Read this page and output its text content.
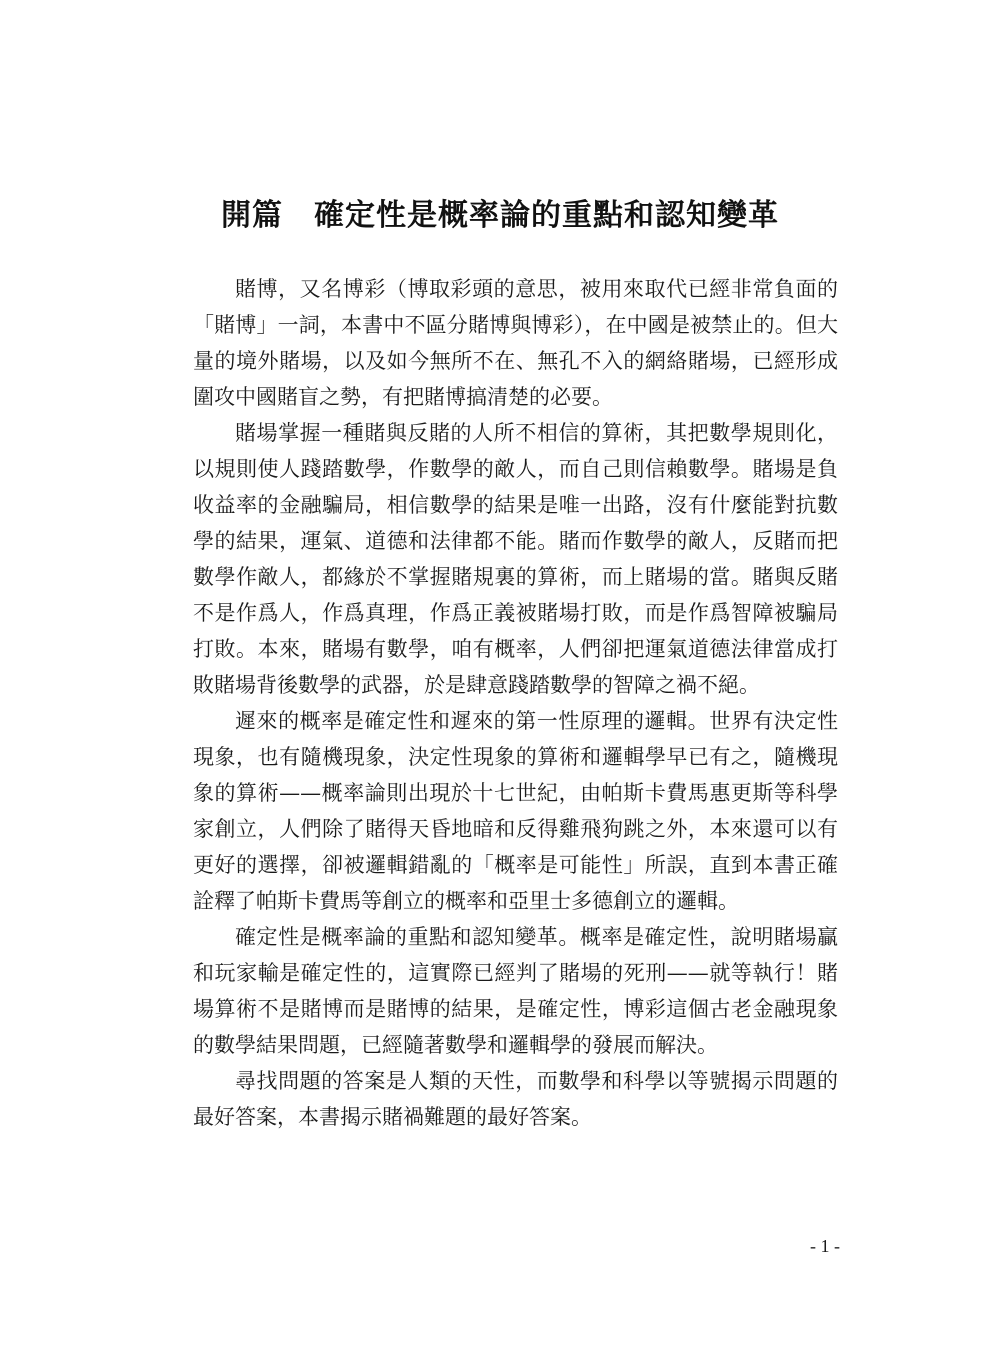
開篇　確定性是概率論的重點和認知變革
賭博，又名博彩（博取彩頭的意思，被用來取代已經非常負面的
「賭博」一詞，本書中不區分賭博與博彩），在中國是被禁止的。但大
量的境外賭場，以及如今無所不在、無孔不入的網絡賭場，已經形成
圍攻中國賭盲之勢，有把賭博搞清楚的必要。
賭場掌握一種賭與反賭的人所不相信的算術，其把數學規則化，
以規則使人踐踏數學，作數學的敵人，而自己則信賴數學。賭場是負
收益率的金融騙局，相信數學的結果是唯一出路，沒有什麼能對抗數
學的結果，運氣、道德和法律都不能。賭而作數學的敵人，反賭而把
數學作敵人，都緣於不掌握賭規裏的算術，而上賭場的當。賭與反賭
不是作爲人，作爲真理，作爲正義被賭場打敗，而是作爲智障被騙局
打敗。本來，賭場有數學，咱有概率，人們卻把運氣道德法律當成打
敗賭場背後數學的武器，於是肆意踐踏數學的智障之禍不絕。
遲來的概率是確定性和遲來的第一性原理的邏輯。世界有決定性
現象，也有隨機現象，決定性現象的算術和邏輯學早已有之，隨機現
象的算術——概率論則出現於十七世紀，由帕斯卡費馬惠更斯等科學
家創立，人們除了賭得天昏地暗和反得雞飛狗跳之外，本來還可以有
更好的選擇，卻被邏輯錯亂的「概率是可能性」所誤，直到本書正確
詮釋了帕斯卡費馬等創立的概率和亞里士多德創立的邏輯。
確定性是概率論的重點和認知變革。概率是確定性，說明賭場贏
和玩家輸是確定性的，這實際已經判了賭場的死刑——就等執行！賭
場算術不是賭博而是賭博的結果，是確定性，博彩這個古老金融現象
的數學結果問題，已經隨著數學和邏輯學的發展而解決。
尋找問題的答案是人類的天性，而數學和科學以等號揭示問題的
最好答案，本書揭示賭禍難題的最好答案。
- 1 -
